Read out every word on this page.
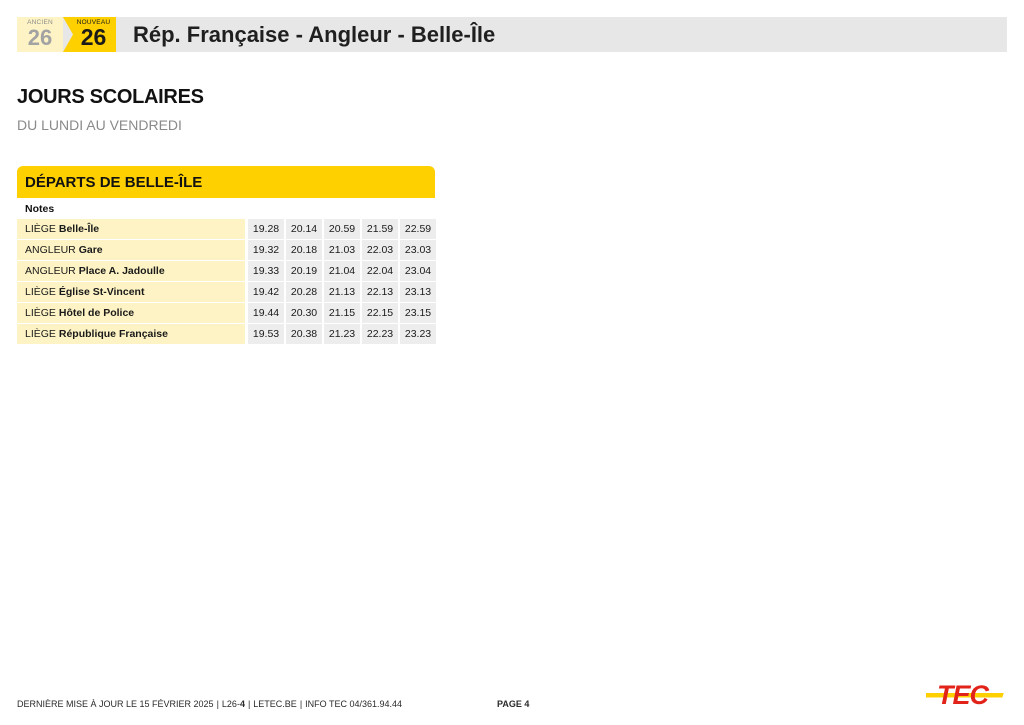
ANCIEN
26
NOUVEAU
26	Rép. Française - Angleur - Belle-Île
JOURS SCOLAIRES
DU LUNDI AU VENDREDI
DÉPARTS DE BELLE-ÎLE
Notes
LIÈGE Belle-Île	19.28	20.14	20.59	21.59	22.59
ANGLEUR Gare	19.32	20.18	21.03	22.03	23.03
ANGLEUR Place A. Jadoulle	19.33	20.19	21.04	22.04	23.04
LIÈGE Église St-Vincent	19.42	20.28	21.13	22.13	23.13
LIÈGE Hôtel de Police	19.44	20.30	21.15	22.15	23.15
LIÈGE République Française	19.53	20.38	21.23	22.23	23.23
DERNIÈRE MISE À JOUR LE 15 FÉVRIER 2025 | L26-4 | LETEC.BE | INFO TEC 04/361.94.44	PAGE 4	TEC
